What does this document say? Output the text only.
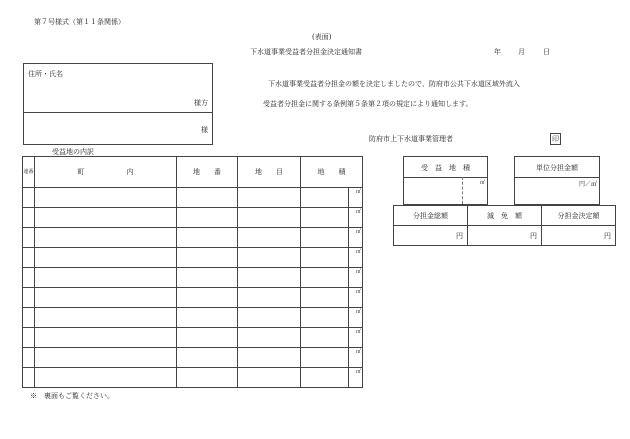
第７号様式（第１１条関係）
(表面)
下水道事業受益者分担金決定通知書	年 月	日
住所・氏名
様方
様
下水道事業受益者分担金の額を決定しましたので、防府市公共下水道区域外流入
受益者分担金に関する条例第５条第２項の規定により通知します。
防府市上下水道事業管理者	印
受益地の内訳
連番	町　　　　　　内	地　　番	地　　目	地　　積	
					㎡
					㎡
					㎡
					㎡
					㎡
					㎡
					㎡
					㎡
					㎡
					㎡
受　益　地　積
㎡
単位分担金額
円／㎡
分担金総額	減　免　額	分担金決定額
円	円	円
※　裏面もご覧ください。
